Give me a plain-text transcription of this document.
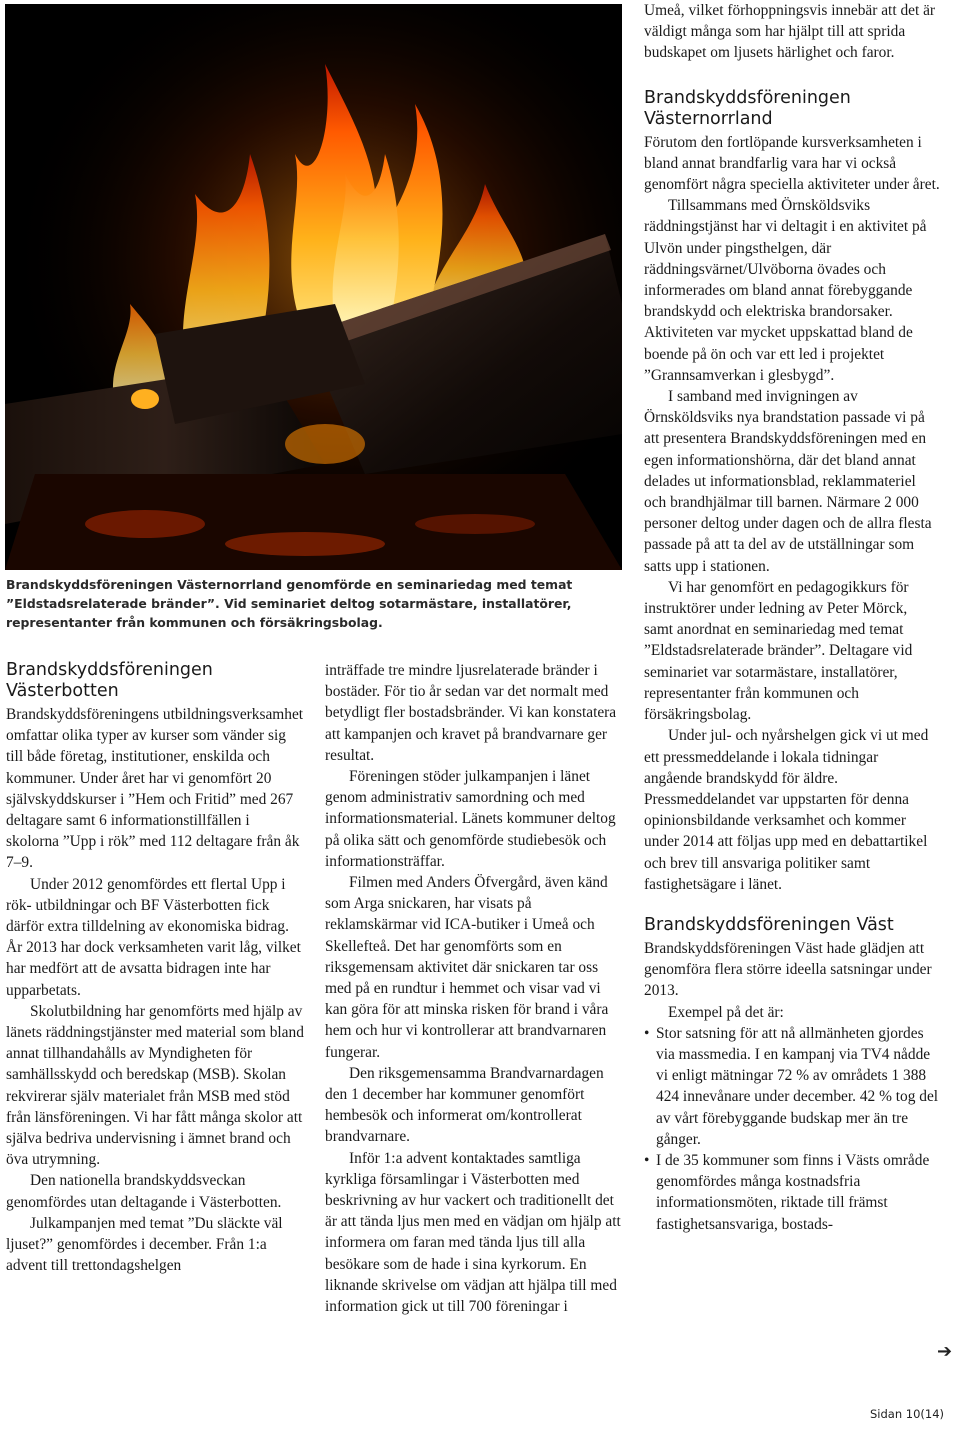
Brandskyddsföreningen Västernorrland genomförde en seminariedag med temat ”Eldstadsrelaterade bränder”. Vid seminariet deltog sotarmästare, installatörer, representanter från kommunen och försäkringsbolag.
Brandskyddsföreningen Västerbotten

Brandskyddsföreningens utbildningsverksamhet omfattar olika typer av kurser som vänder sig till både företag, institutioner, enskilda och kommuner. Under året har vi genomfört 20 självskyddskurser i ”Hem och Fritid” med 267 deltagare samt 6 informationstillfällen i skolorna ”Upp i rök” med 112 deltagare från åk 7–9.

Under 2012 genomfördes ett flertal Upp i rök- utbildningar och BF Västerbotten fick därför extra tilldelning av ekonomiska bidrag. År 2013 har dock verksamheten varit låg, vilket har medfört att de avsatta bidragen inte har upparbetats.

Skolutbildning har genomförts med hjälp av länets räddningstjänster med material som bland annat tillhandahålls av Myndigheten för samhällsskydd och beredskap (MSB). Skolan rekvirerar själv materialet från MSB med stöd från länsföreningen. Vi har fått många skolor att själva bedriva undervisning i ämnet brand och öva utrymning.

Den nationella brandskyddsveckan genomfördes utan deltagande i Västerbotten.

Julkampanjen med temat ”Du släckte väl ljuset?” genomfördes i december. Från 1:a advent till trettondagshelgen

inträffade tre mindre ljusrelaterade bränder i bostäder. För tio år sedan var det normalt med betydligt fler bostadsbränder. Vi kan konstatera att kampanjen och kravet på brandvarnare ger resultat.

Föreningen stöder julkampanjen i länet genom administrativ samordning och med informationsmaterial. Länets kommuner deltog på olika sätt och genomförde studiebesök och informationsträffar.

Filmen med Anders Öfvergård, även känd som Arga snickaren, har visats på reklamskärmar vid ICA-butiker i Umeå och Skellefteå. Det har genomförts som en riksgemensam aktivitet där snickaren tar oss med på en rundtur i hemmet och visar vad vi kan göra för att minska risken för brand i våra hem och hur vi kontrollerar att brandvarnaren fungerar.

Den riksgemensamma Brandvarnardagen den 1 december har kommuner genomfört hembesök och informerat om/kontrollerat brandvarnare.

Inför 1:a advent kontaktades samtliga kyrkliga församlingar i Västerbotten med beskrivning av hur vackert och traditionellt det är att tända ljus men med en vädjan om hjälp att informera om faran med tända ljus till alla besökare som de hade i sina kyrkorum. En liknande skrivelse om vädjan att hjälpa till med information gick ut till 700 föreningar i

Umeå, vilket förhoppningsvis innebär att det är väldigt många som har hjälpt till att sprida budskapet om ljusets härlighet och faror.

Brandskyddsföreningen Västernorrland

Förutom den fortlöpande kursverksamheten i bland annat brandfarlig vara har vi också genomfört några speciella aktiviteter under året.

Tillsammans med Örnsköldsviks räddningstjänst har vi deltagit i en aktivitet på Ulvön under pingsthelgen, där räddningsvärnet/Ulvöborna övades och informerades om bland annat förebyggande brandskydd och elektriska brandorsaker. Aktiviteten var mycket uppskattad bland de boende på ön och var ett led i projektet ”Grannsamverkan i glesbygd”.

I samband med invigningen av Örnsköldsviks nya brandstation passade vi på att presentera Brandskyddsföreningen med en egen informationshörna, där det bland annat delades ut informationsblad, reklammateriel och brandhjälmar till barnen. Närmare 2 000 personer deltog under dagen och de allra flesta passade på att ta del av de utställningar som satts upp i stationen.

Vi har genomfört en pedagogikkurs för instruktörer under ledning av Peter Mörck, samt anordnat en seminariedag med temat ”Eldstadsrelaterade bränder”. Deltagare vid seminariet var sotarmästare, installatörer, representanter från kommunen och försäkringsbolag.

Under jul- och nyårshelgen gick vi ut med ett pressmeddelande i lokala tidningar angående brandskydd för äldre. Pressmeddelandet var uppstarten för denna opinionsbildande verksamhet och kommer under 2014 att följas upp med en debattartikel och brev till ansvariga politiker samt fastighetsägare i länet.

Brandskyddsföreningen Väst

Brandskyddsföreningen Väst hade glädjen att genomföra flera större ideella satsningar under 2013.

Exempel på det är:

• Stor satsning för att nå allmänheten gjordes via massmedia. I en kampanj via TV4 nådde vi enligt mätningar 72 % av områdets 1 388 424 innevånare under december. 42 % tog del av vårt förebyggande budskap mer än tre gånger.
• I de 35 kommuner som finns i Västs område genomfördes många kostnadsfria informationsmöten, riktade till främst fastighetsansvariga, bostads-
➔
Sidan 10(14)
